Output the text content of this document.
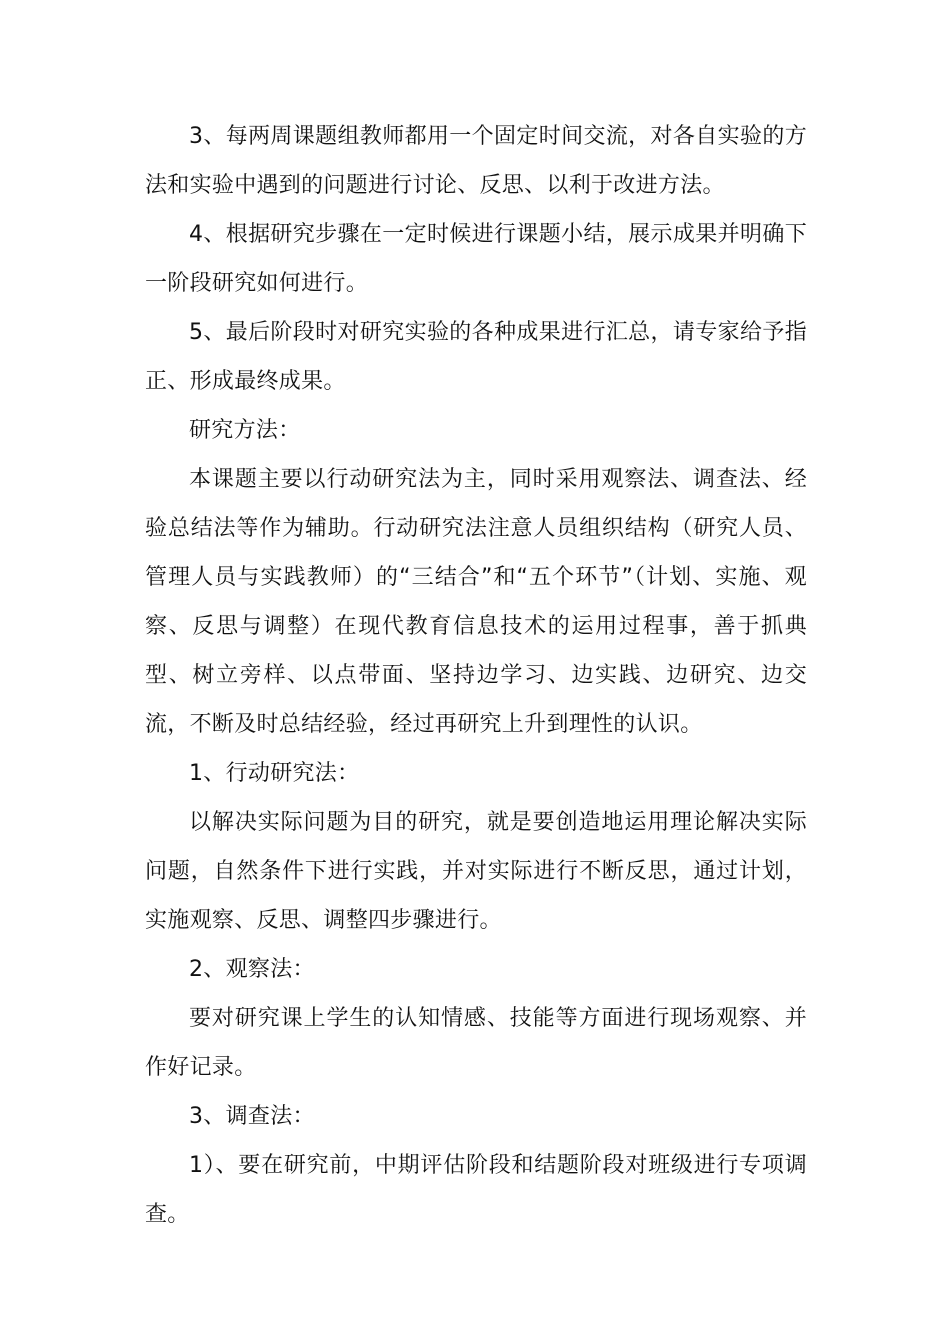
3、每两周课题组教师都用一个固定时间交流，对各自实验的方法和实验中遇到的问题进行讨论、反思、以利于改进方法。

4、根据研究步骤在一定时候进行课题小结，展示成果并明确下一阶段研究如何进行。

5、最后阶段时对研究实验的各种成果进行汇总，请专家给予指正、形成最终成果。

研究方法：

本课题主要以行动研究法为主，同时采用观察法、调查法、经验总结法等作为辅助。行动研究法注意人员组织结构（研究人员、管理人员与实践教师）的“三结合”和“五个环节”（计划、实施、观察、反思与调整）在现代教育信息技术的运用过程事，善于抓典型、树立旁样、以点带面、坚持边学习、边实践、边研究、边交流，不断及时总结经验，经过再研究上升到理性的认识。

1、行动研究法：

以解决实际问题为目的研究，就是要创造地运用理论解决实际问题，自然条件下进行实践，并对实际进行不断反思，通过计划，实施观察、反思、调整四步骤进行。

2、观察法：

要对研究课上学生的认知情感、技能等方面进行现场观察、并作好记录。

3、调查法：

1）、要在研究前，中期评估阶段和结题阶段对班级进行专项调查。
